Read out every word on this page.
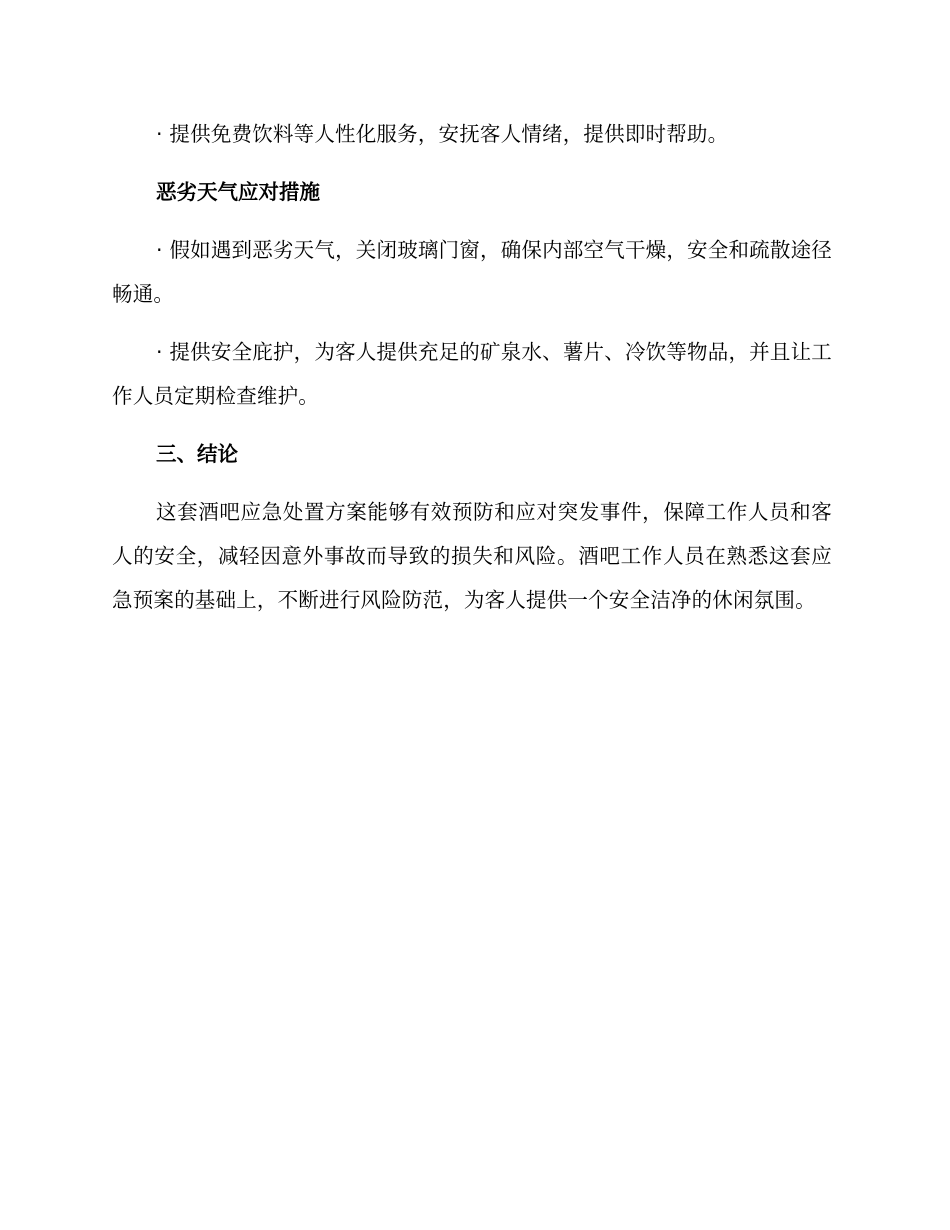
· 提供免费饮料等人性化服务，安抚客人情绪，提供即时帮助。

恶劣天气应对措施

· 假如遇到恶劣天气，关闭玻璃门窗，确保内部空气干燥，安全和疏散途径畅通。

· 提供安全庇护，为客人提供充足的矿泉水、薯片、冷饮等物品，并且让工作人员定期检查维护。

三、结论

这套酒吧应急处置方案能够有效预防和应对突发事件，保障工作人员和客人的安全，减轻因意外事故而导致的损失和风险。酒吧工作人员在熟悉这套应急预案的基础上，不断进行风险防范，为客人提供一个安全洁净的休闲氛围。
